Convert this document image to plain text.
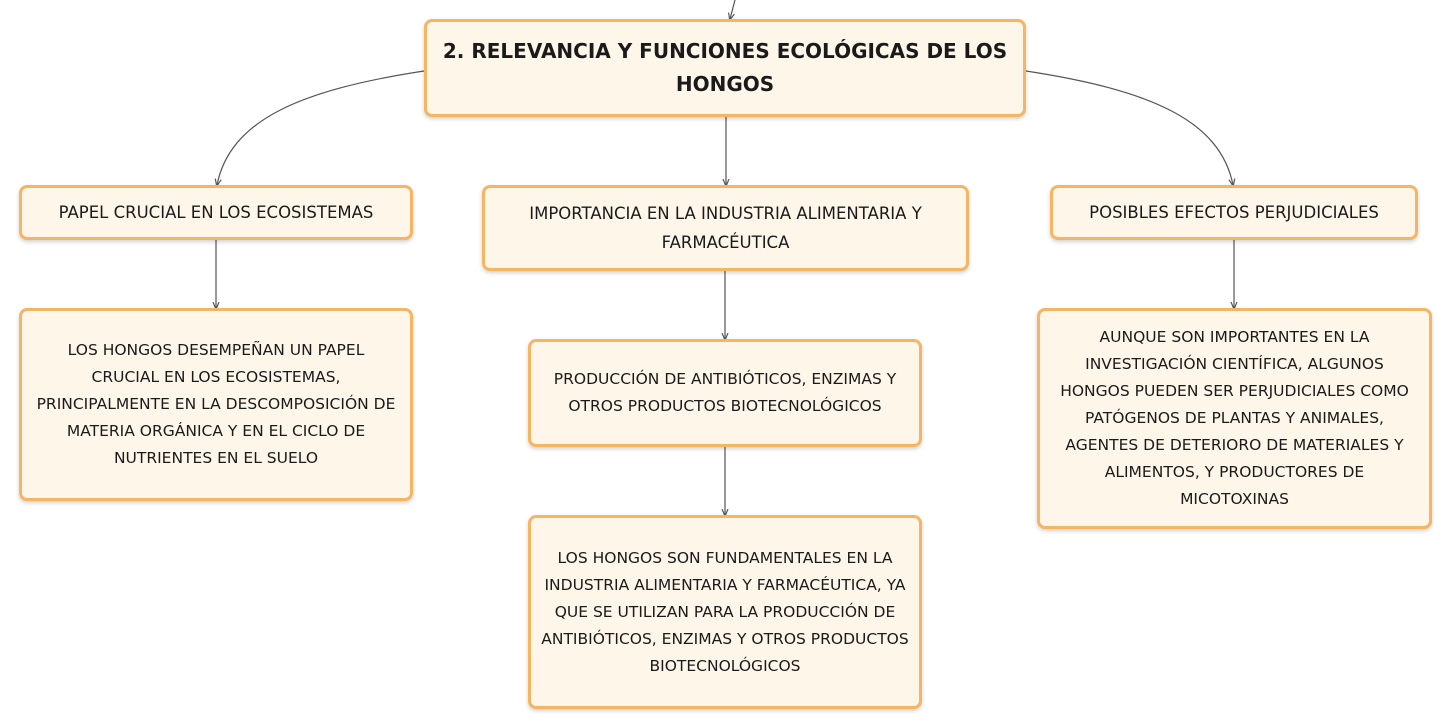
2. RELEVANCIA Y FUNCIONES ECOLÓGICAS DE LOS HONGOS
PAPEL CRUCIAL EN LOS ECOSISTEMAS	IMPORTANCIA EN LA INDUSTRIA ALIMENTARIA Y FARMACÉUTICA
POSIBLES EFECTOS PERJUDICIALES
LOS HONGOS DESEMPEÑAN UN PAPEL CRUCIAL EN LOS ECOSISTEMAS, PRINCIPALMENTE EN LA DESCOMPOSICIÓN DE MATERIA ORGÁNICA Y EN EL CICLO DE NUTRIENTES EN EL SUELO
PRODUCCIÓN DE ANTIBIÓTICOS, ENZIMAS Y OTROS PRODUCTOS BIOTECNOLÓGICOS
LOS HONGOS SON FUNDAMENTALES EN LA INDUSTRIA ALIMENTARIA Y FARMACÉUTICA, YA QUE SE UTILIZAN PARA LA PRODUCCIÓN DE ANTIBIÓTICOS, ENZIMAS Y OTROS PRODUCTOS BIOTECNOLÓGICOS
AUNQUE SON IMPORTANTES EN LA INVESTIGACIÓN CIENTÍFICA, ALGUNOS HONGOS PUEDEN SER PERJUDICIALES COMO PATÓGENOS DE PLANTAS Y ANIMALES, AGENTES DE DETERIORO DE MATERIALES Y ALIMENTOS, Y PRODUCTORES DE MICOTOXINAS
